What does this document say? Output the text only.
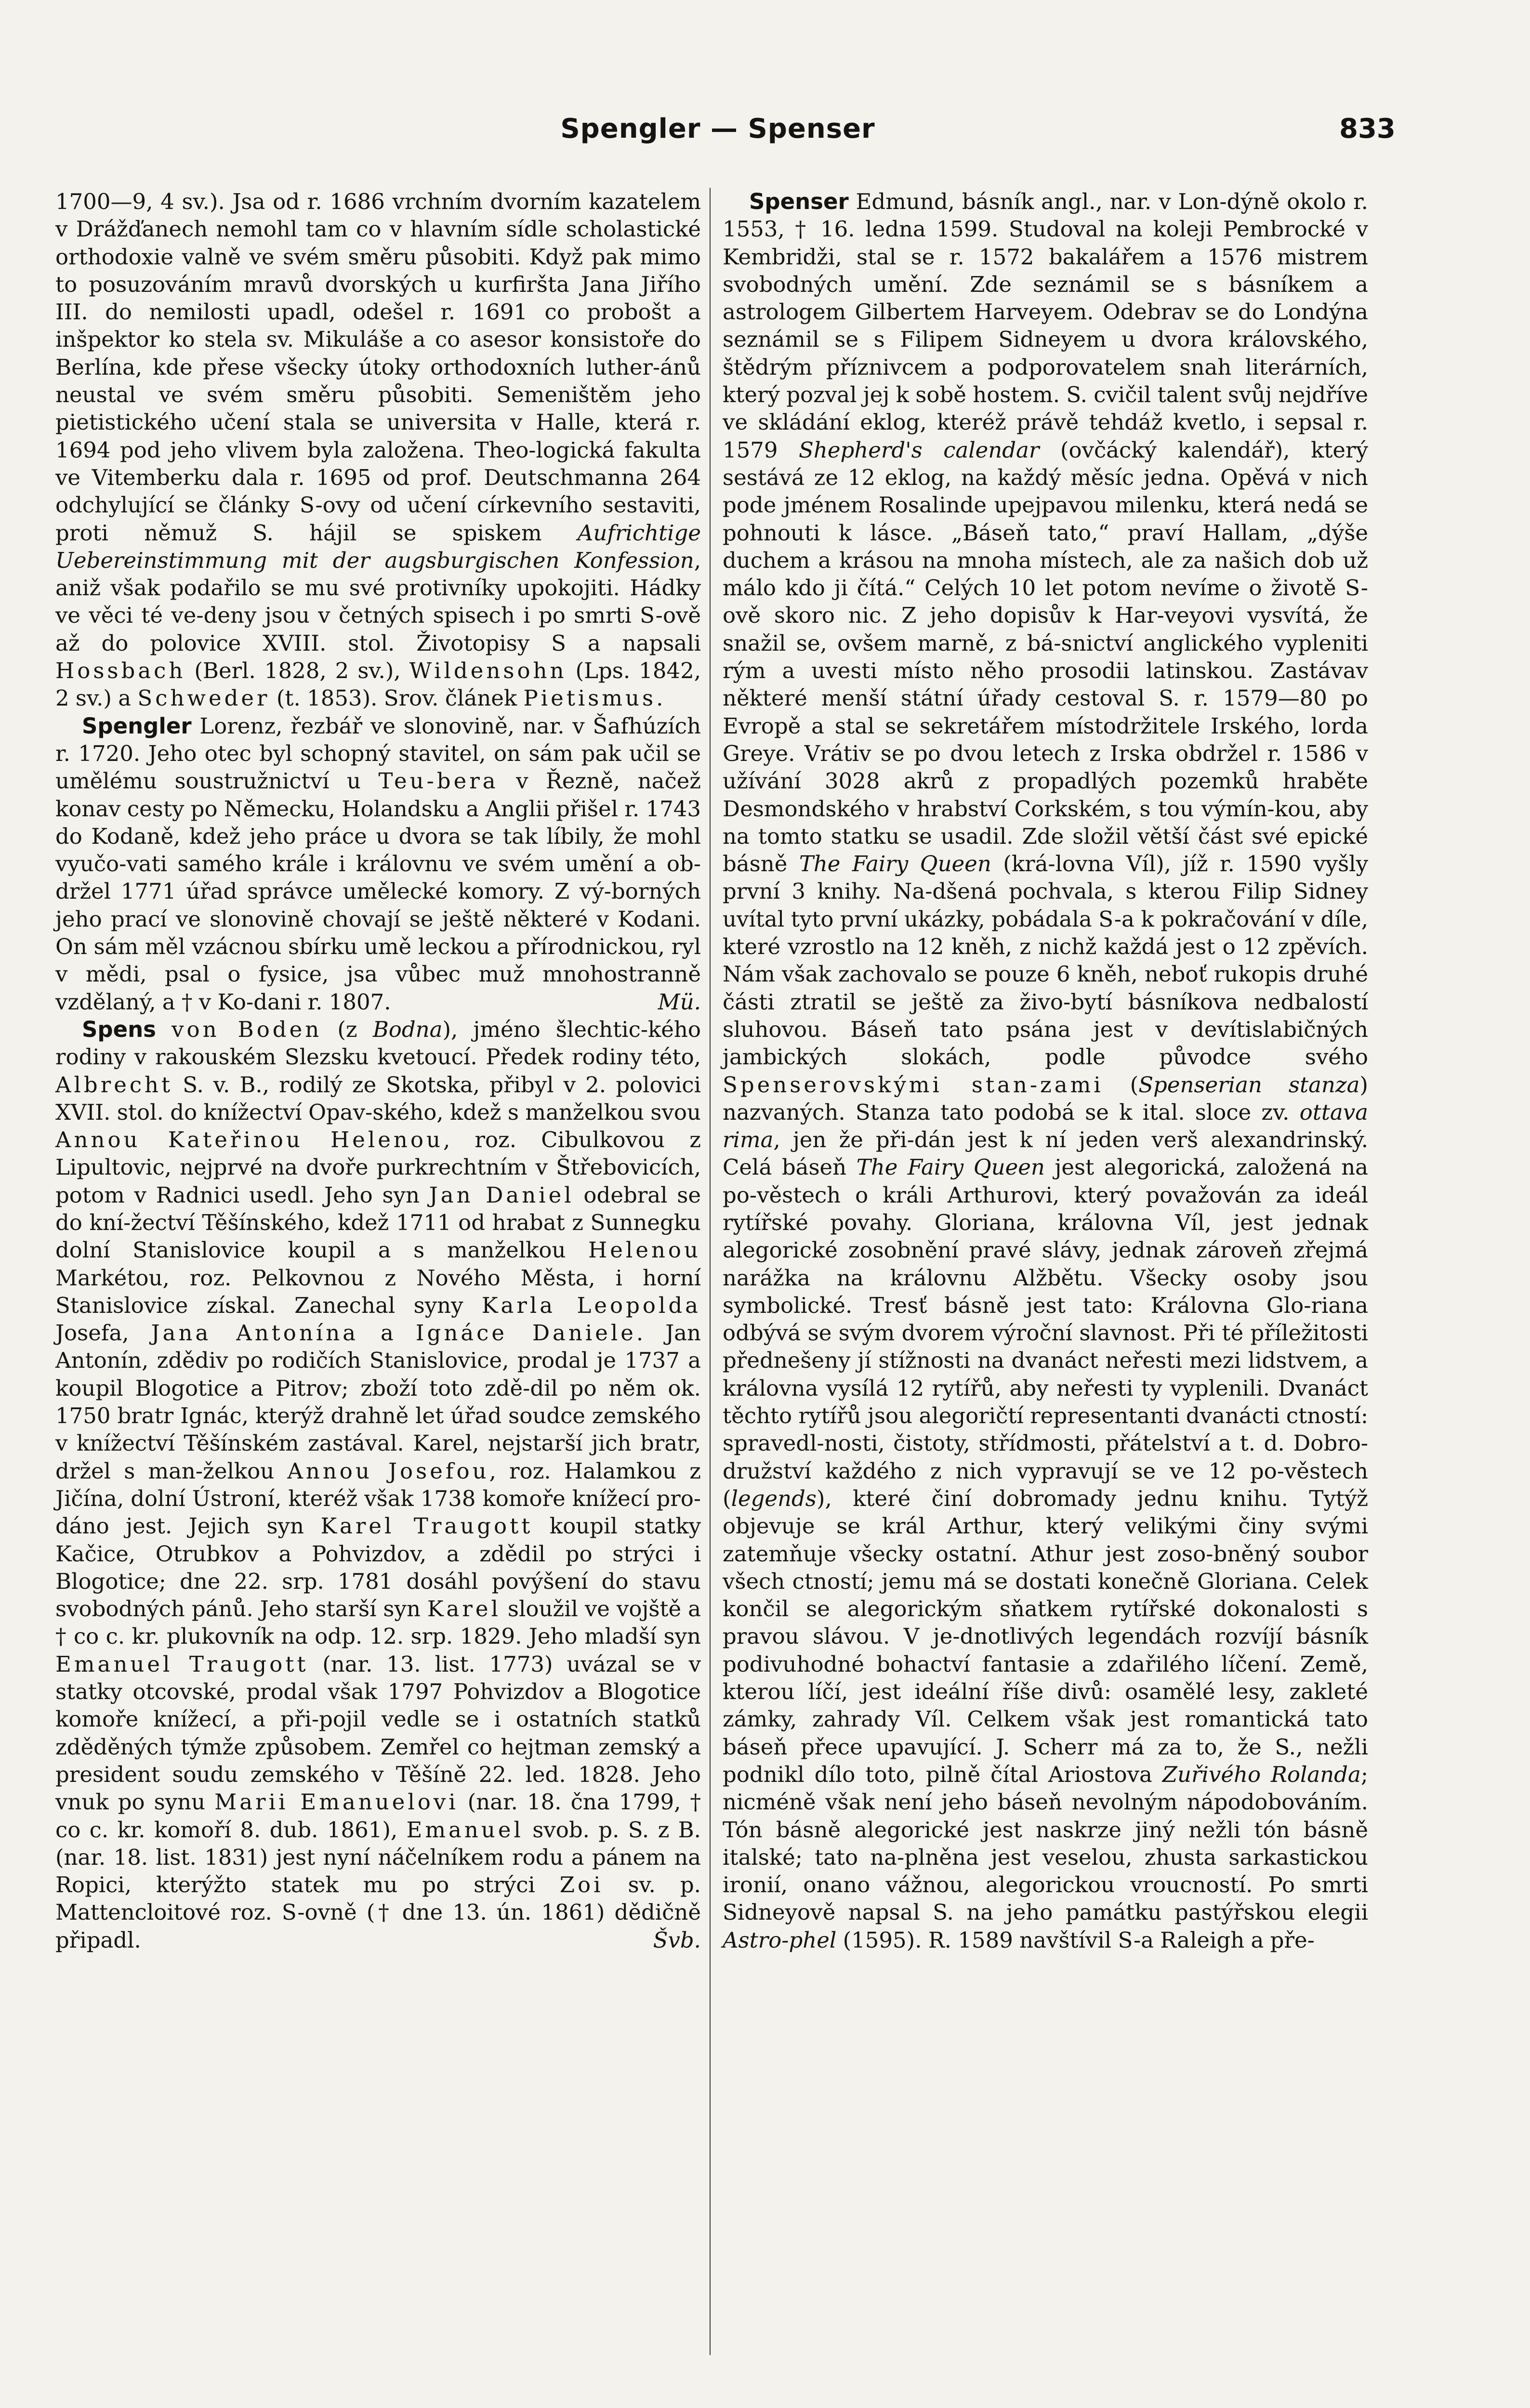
Spengler — Spenser	833

1700—9, 4 sv.). Jsa od r. 1686 vrchním dvorním kazatelem v Drážďanech nemohl tam co v hlavním sídle scholastické orthodoxie valně ve svém směru působiti. Když pak mimo to posuzováním mravů dvorských u kurfiršta Jana Jiřího III. do nemilosti upadl, odešel r. 1691 co probošt a inšpektor ko stela sv. Mikuláše a co asesor konsistoře do Berlína, kde přese všecky útoky orthodoxních luther-ánů neustal ve svém směru působiti. Semeništěm jeho pietistického učení stala se universita v Halle, která r. 1694 pod jeho vlivem byla založena. Theo-logická fakulta ve Vitemberku dala r. 1695 od prof. Deutschmanna 264 odchylující se články S-ovy od učení církevního sestaviti, proti němuž S. hájil se spiskem Aufrichtige Uebereinstimmung mit der augsburgischen Konfession, aniž však podařilo se mu své protivníky upokojiti. Hádky ve věci té ve-deny jsou v četných spisech i po smrti S-ově až do polovice XVIII. stol. Životopisy S a napsali Hossbach (Berl. 1828, 2 sv.), Wildensohn (Lps. 1842, 2 sv.) a Schweder (t. 1853). Srov. článek Pietismus.

Spengler Lorenz, řezbář ve slonovině, nar. v Šafhúzích r. 1720. Jeho otec byl schopný stavitel, on sám pak učil se umělému soustružnictví u Teu-bera v Řezně, načež konav cesty po Německu, Holandsku a Anglii přišel r. 1743 do Kodaně, kdež jeho práce u dvora se tak líbily, že mohl vyučo-vati samého krále i královnu ve svém umění a ob-držel 1771 úřad správce umělecké komory. Z vý-borných jeho prací ve slonovině chovají se ještě některé v Kodani. On sám měl vzácnou sbírku umě leckou a přírodnickou, ryl v mědi, psal o fysice, jsa vůbec muž mnohostranně vzdělaný, a † v Ko-dani r. 1807.	Mü.

Spens von Boden (z Bodna), jméno šlechtic-kého rodiny v rakouském Slezsku kvetoucí. Předek rodiny této, Albrecht S. v. B., rodilý ze Skotska, přibyl v 2. polovici XVII. stol. do knížectví Opav-ského, kdež s manželkou svou Annou Kateřinou Helenou, roz. Cibulkovou z Lipultovic, nejprvé na dvoře purkrechtním v Štřebovicích, potom v Radnici usedl. Jeho syn Jan Daniel odebral se do kní-žectví Těšínského, kdež 1711 od hrabat z Sunnegku dolní Stanislovice koupil a s manželkou Helenou Markétou, roz. Pelkovnou z Nového Města, i horní Stanislovice získal. Zanechal syny Karla Leopolda Josefa, Jana Antonína a Ignáce Daniele. Jan Antonín, zdědiv po rodičích Stanislovice, prodal je 1737 a koupil Blogotice a Pitrov; zboží toto zdě-dil po něm ok. 1750 bratr Ignác, kterýž drahně let úřad soudce zemského v knížectví Těšínském zastával. Karel, nejstarší jich bratr, držel s man-želkou Annou Josefou, roz. Halamkou z Jičína, dolní Ústroní, kteréž však 1738 komoře knížecí pro-dáno jest. Jejich syn Karel Traugott koupil statky Kačice, Otrubkov a Pohvizdov, a zdědil po strýci i Blogotice; dne 22. srp. 1781 dosáhl povýšení do stavu svobodných pánů. Jeho starší syn Karel sloužil ve vojště a † co c. kr. plukovník na odp. 12. srp. 1829. Jeho mladší syn Emanuel Traugott (nar. 13. list. 1773) uvázal se v statky otcovské, prodal však 1797 Pohvizdov a Blogotice komoře knížecí, a při-pojil vedle se i ostatních statků zděděných týmže způsobem. Zemřel co hejtman zemský a president soudu zemského v Těšíně 22. led. 1828. Jeho vnuk po synu Marii Emanuelovi (nar. 18. čna 1799, † co c. kr. komoří 8. dub. 1861), Emanuel svob. p. S. z B. (nar. 18. list. 1831) jest nyní náčelníkem rodu a pánem na Ropici, kterýžto statek mu po strýci Zoi sv. p. Mattencloitové roz. S-ovně († dne 13. ún. 1861) dědičně připadl.	Švb.

Spenser Edmund, básník angl., nar. v Lon-dýně okolo r. 1553, † 16. ledna 1599. Studoval na koleji Pembrocké v Kembridži, stal se r. 1572 bakalářem a 1576 mistrem svobodných umění. Zde seznámil se s básníkem a astrologem Gilbertem Harveyem. Odebrav se do Londýna seznámil se s Filipem Sidneyem u dvora královského, štědrým příznivcem a podporovatelem snah literárních, který pozval jej k sobě hostem. S. cvičil talent svůj nejdříve ve skládání eklog, kteréž právě tehdáž kvetlo, i sepsal r. 1579 Shepherd's calendar (ovčácký kalendář), který sestává ze 12 eklog, na každý měsíc jedna. Opěvá v nich pode jménem Rosalinde upejpavou milenku, která nedá se pohnouti k lásce. „Báseň tato,“ praví Hallam, „dýše duchem a krásou na mnoha místech, ale za našich dob už málo kdo ji čítá.“ Celých 10 let potom nevíme o životě S-ově skoro nic. Z jeho dopisův k Har-veyovi vysvítá, že snažil se, ovšem marně, z bá-snictví anglického vypleniti rým a uvesti místo něho prosodii latinskou. Zastávav některé menší státní úřady cestoval S. r. 1579—80 po Evropě a stal se sekretářem místodržitele Irského, lorda Greye. Vrátiv se po dvou letech z Irska obdržel r. 1586 v užívání 3028 akrů z propadlých pozemků hraběte Desmondského v hrabství Corkském, s tou výmín-kou, aby na tomto statku se usadil. Zde složil větší část své epické básně The Fairy Queen (krá-lovna Víl), jíž r. 1590 vyšly první 3 knihy. Na-dšená pochvala, s kterou Filip Sidney uvítal tyto první ukázky, pobádala S-a k pokračování v díle, které vzrostlo na 12 kněh, z nichž každá jest o 12 zpěvích. Nám však zachovalo se pouze 6 kněh, neboť rukopis druhé části ztratil se ještě za živo-bytí básníkova nedbalostí sluhovou. Báseň tato psána jest v devítislabičných jambických slokách, podle původce svého Spenserovskými stan-zami (Spenserian stanza) nazvaných. Stanza tato podobá se k ital. sloce zv. ottava rima, jen že při-dán jest k ní jeden verš alexandrinský. Celá báseň The Fairy Queen jest alegorická, založená na po-věstech o králi Arthurovi, který považován za ideál rytířské povahy. Gloriana, královna Víl, jest jednak alegorické zosobnění pravé slávy, jednak zároveň zřejmá narážka na královnu Alžbětu. Všecky osoby jsou symbolické. Tresť básně jest tato: Královna Glo-riana odbývá se svým dvorem výroční slavnost. Při té příležitosti přednešeny jí stížnosti na dvanáct neřesti mezi lidstvem, a královna vysílá 12 rytířů, aby neřesti ty vyplenili. Dvanáct těchto rytířů jsou alegoričtí representanti dvanácti ctností: spravedl-nosti, čistoty, střídmosti, přátelství a t. d. Dobro-družství každého z nich vypravují se ve 12 po-věstech (legends), které činí dobromady jednu knihu. Tytýž objevuje se král Arthur, který velikými činy svými zatemňuje všecky ostatní. Athur jest zoso-bněný soubor všech ctností; jemu má se dostati konečně Gloriana. Celek končil se alegorickým sňatkem rytířské dokonalosti s pravou slávou. V je-dnotlivých legendách rozvíjí básník podivuhodné bohactví fantasie a zdařilého líčení. Země, kterou líčí, jest ideální říše divů: osamělé lesy, zakleté zámky, zahrady Víl. Celkem však jest romantická tato báseň přece upavující. J. Scherr má za to, že S., nežli podnikl dílo toto, pilně čítal Ariostova Zuřivého Rolanda; nicméně však není jeho báseň nevolným nápodobováním. Tón básně alegorické jest naskrze jiný nežli tón básně italské; tato na-plněna jest veselou, zhusta sarkastickou ironií, onano vážnou, alegorickou vroucností. Po smrti Sidneyově napsal S. na jeho památku pastýřskou elegii Astro-phel (1595). R. 1589 navštívil S-a Raleigh a pře-
